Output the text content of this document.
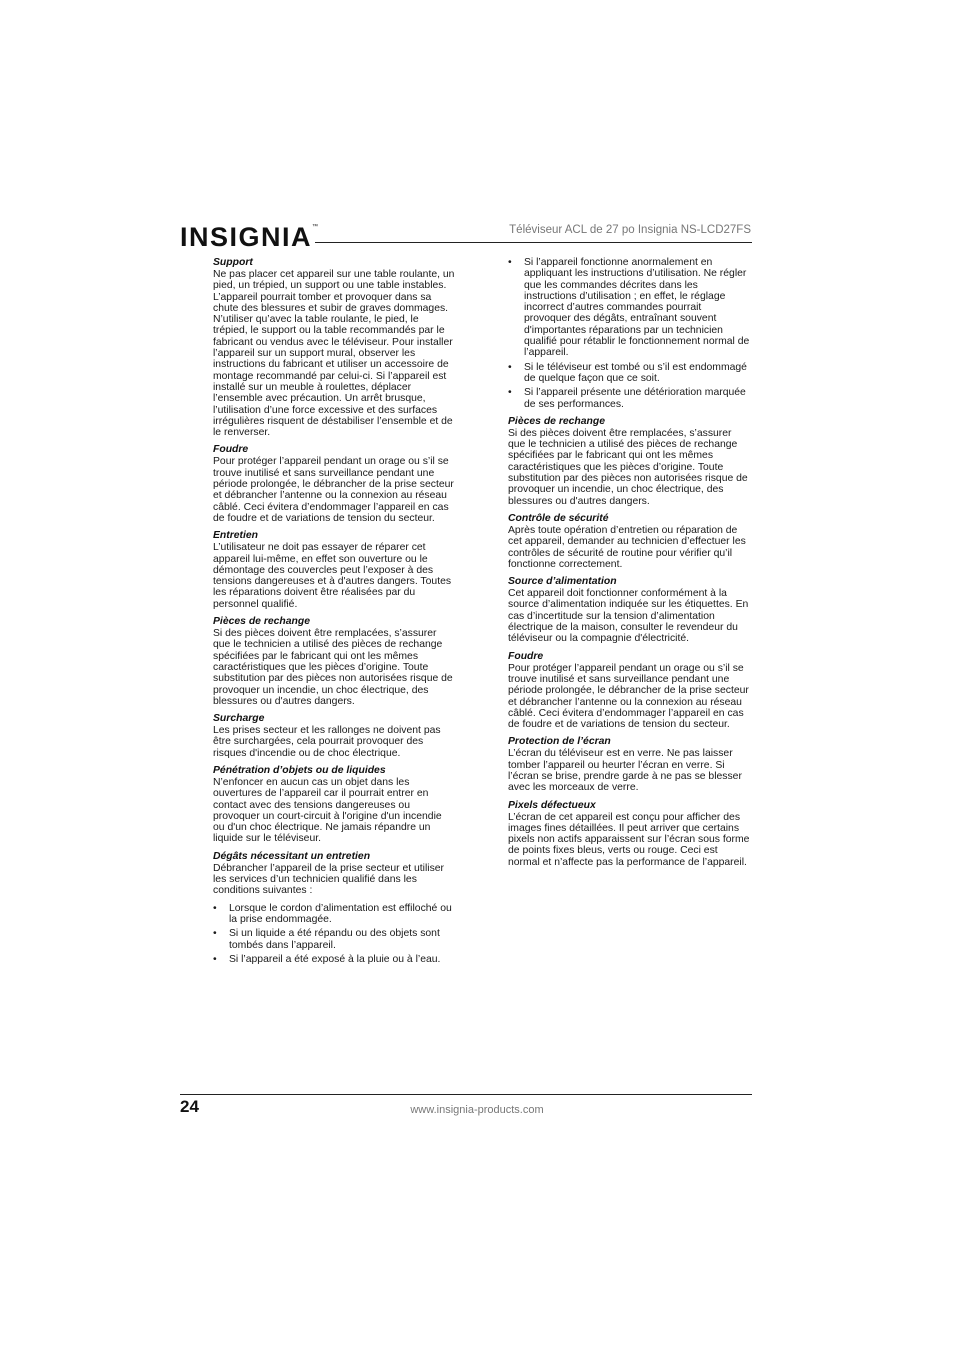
INSIGNIA™	Téléviseur ACL de 27 po Insignia NS-LCD27FS
Support

Ne pas placer cet appareil sur une table roulante, un pied, un trépied, un support ou une table instables. L’appareil pourrait tomber et provoquer dans sa chute des blessures et subir de graves dommages. N’utiliser qu’avec la table roulante, le pied, le trépied, le support ou la table recommandés par le fabricant ou vendus avec le téléviseur. Pour installer l’appareil sur un support mural, observer les instructions du fabricant et utiliser un accessoire de montage recommandé par celui-ci. Si l’appareil est installé sur un meuble à roulettes, déplacer l’ensemble avec précaution. Un arrêt brusque, l’utilisation d’une force excessive et des surfaces irrégulières risquent de déstabiliser l’ensemble et de le renverser.

Foudre

Pour protéger l’appareil pendant un orage ou s’il se trouve inutilisé et sans surveillance pendant une période prolongée, le débrancher de la prise secteur et débrancher l’antenne ou la connexion au réseau câblé. Ceci évitera d’endommager l’appareil en cas de foudre et de variations de tension du secteur.

Entretien

L’utilisateur ne doit pas essayer de réparer cet appareil lui-même, en effet son ouverture ou le démontage des couvercles peut l’exposer à des tensions dangereuses et à d'autres dangers. Toutes les réparations doivent être réalisées par du personnel qualifié.

Pièces de rechange

Si des pièces doivent être remplacées, s’assurer que le technicien a utilisé des pièces de rechange spécifiées par le fabricant qui ont les mêmes caractéristiques que les pièces d’origine. Toute substitution par des pièces non autorisées risque de provoquer un incendie, un choc électrique, des blessures ou d'autres dangers.

Surcharge

Les prises secteur et les rallonges ne doivent pas être surchargées, cela pourrait provoquer des risques d'incendie ou de choc électrique.

Pénétration d’objets ou de liquides

N’enfoncer en aucun cas un objet dans les ouvertures de l’appareil car il pourrait entrer en contact avec des tensions dangereuses ou provoquer un court-circuit à l'origine d'un incendie ou d'un choc électrique. Ne jamais répandre un liquide sur le téléviseur.

Dégâts nécessitant un entretien

Débrancher l’appareil de la prise secteur et utiliser les services d’un technicien qualifié dans les conditions suivantes :

• Lorsque le cordon d’alimentation est effiloché ou la prise endommagée.
• Si un liquide a été répandu ou des objets sont tombés dans l’appareil.
• Si l’appareil a été exposé à la pluie ou à l’eau.
• Si l’appareil fonctionne anormalement en appliquant les instructions d’utilisation. Ne régler que les commandes décrites dans les instructions d’utilisation ; en effet, le réglage incorrect d’autres commandes pourrait provoquer des dégâts, entraînant souvent d'importantes réparations par un technicien qualifié pour rétablir le fonctionnement normal de l’appareil.
• Si le téléviseur est tombé ou s’il est endommagé de quelque façon que ce soit.
• Si l’appareil présente une détérioration marquée de ses performances.
Pièces de rechange

Si des pièces doivent être remplacées, s’assurer que le technicien a utilisé des pièces de rechange spécifiées par le fabricant qui ont les mêmes caractéristiques que les pièces d’origine. Toute substitution par des pièces non autorisées risque de provoquer un incendie, un choc électrique, des blessures ou d'autres dangers.

Contrôle de sécurité

Après toute opération d’entretien ou réparation de cet appareil, demander au technicien d’effectuer les contrôles de sécurité de routine pour vérifier qu’il fonctionne correctement.

Source d’alimentation

Cet appareil doit fonctionner conformément à la source d’alimentation indiquée sur les étiquettes. En cas d’incertitude sur la tension d’alimentation électrique de la maison, consulter le revendeur du téléviseur ou la compagnie d'électricité.

Foudre

Pour protéger l’appareil pendant un orage ou s’il se trouve inutilisé et sans surveillance pendant une période prolongée, le débrancher de la prise secteur et débrancher l’antenne ou la connexion au réseau câblé. Ceci évitera d’endommager l’appareil en cas de foudre et de variations de tension du secteur.

Protection de l’écran

L’écran du téléviseur est en verre. Ne pas laisser tomber l’appareil ou heurter l’écran en verre. Si l’écran se brise, prendre garde à ne pas se blesser avec les morceaux de verre.

Pixels défectueux

L’écran de cet appareil est conçu pour afficher des images fines détaillées. Il peut arriver que certains pixels non actifs apparaissent sur l’écran sous forme de points fixes bleus, verts ou rouge. Ceci est normal et n’affecte pas la performance de l’appareil.

24	www.insignia-products.com
